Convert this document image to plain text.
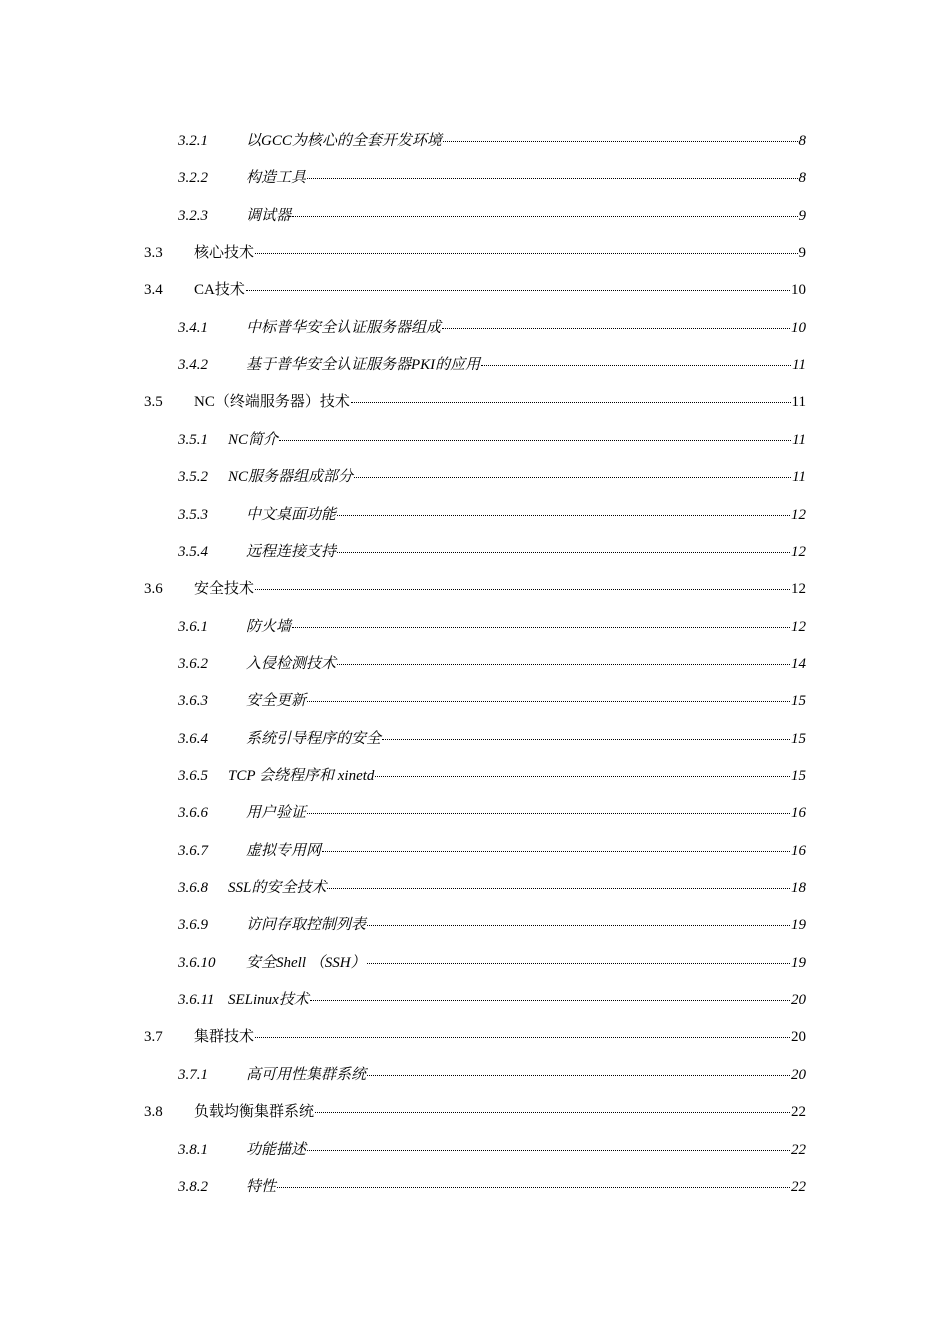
3.2.1	以GCC为核心的全套开发环境	8
3.2.2	构造工具	8
3.2.3	调试器	9
3.3	核心技术	9
3.4	CA技术	10
3.4.1	中标普华安全认证服务器组成	10
3.4.2	基于普华安全认证服务器PKI的应用	11
3.5	NC（终端服务器）技术	11
3.5.1	NC简介	11
3.5.2	NC服务器组成部分	11
3.5.3	中文桌面功能	12
3.5.4	远程连接支持	12
3.6	安全技术	12
3.6.1	防火墙	12
3.6.2	入侵检测技术	14
3.6.3	安全更新	15
3.6.4	系统引导程序的安全	15
3.6.5	TCP 会绕程序和 xinetd	15
3.6.6	用户验证	16
3.6.7	虚拟专用网	16
3.6.8	SSL的安全技术	18
3.6.9	访问存取控制列表	19
3.6.10	安全Shell （SSH）	19
3.6.11 SELinux技术	20
3.7	集群技术	20
3.7.1	高可用性集群系统	20
3.8	负载均衡集群系统	22
3.8.1	功能描述	22
3.8.2	特性	22
